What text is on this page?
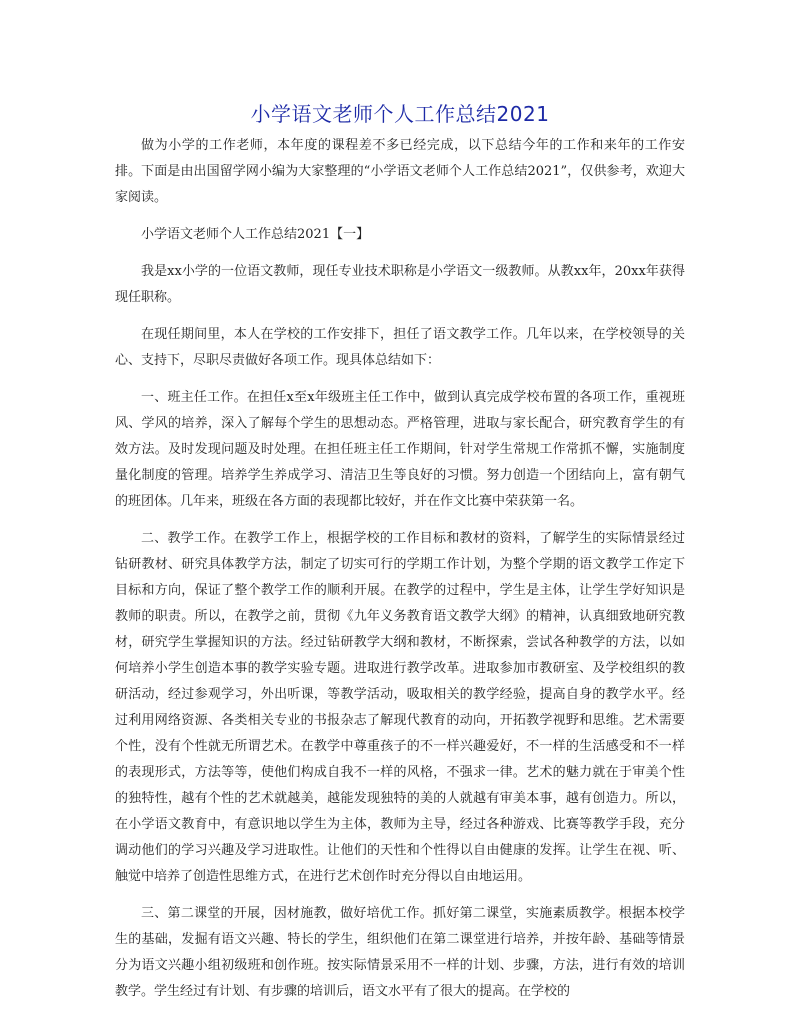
小学语文老师个人工作总结2021

做为小学的工作老师，本年度的课程差不多已经完成，以下总结今年的工作和来年的工作安排。下面是由出国留学网小编为大家整理的“小学语文老师个人工作总结2021”，仅供参考，欢迎大家阅读。

小学语文老师个人工作总结2021【一】

我是xx小学的一位语文教师，现任专业技术职称是小学语文一级教师。从教xx年，20xx年获得现任职称。

在现任期间里，本人在学校的工作安排下，担任了语文教学工作。几年以来，在学校领导的关心、支持下，尽职尽责做好各项工作。现具体总结如下：

一、班主任工作。在担任x至x年级班主任工作中，做到认真完成学校布置的各项工作，重视班风、学风的培养，深入了解每个学生的思想动态。严格管理，进取与家长配合，研究教育学生的有效方法。及时发现问题及时处理。在担任班主任工作期间，针对学生常规工作常抓不懈，实施制度量化制度的管理。培养学生养成学习、清洁卫生等良好的习惯。努力创造一个团结向上，富有朝气的班团体。几年来，班级在各方面的表现都比较好，并在作文比赛中荣获第一名。

二、教学工作。在教学工作上，根据学校的工作目标和教材的资料，了解学生的实际情景经过钻研教材、研究具体教学方法，制定了切实可行的学期工作计划，为整个学期的语文教学工作定下目标和方向，保证了整个教学工作的顺利开展。在教学的过程中，学生是主体，让学生学好知识是教师的职责。所以，在教学之前，贯彻《九年义务教育语文教学大纲》的精神，认真细致地研究教材，研究学生掌握知识的方法。经过钻研教学大纲和教材，不断探索，尝试各种教学的方法，以如何培养小学生创造本事的教学实验专题。进取进行教学改革。进取参加市教研室、及学校组织的教研活动，经过参观学习，外出听课，等教学活动，吸取相关的教学经验，提高自身的教学水平。经过利用网络资源、各类相关专业的书报杂志了解现代教育的动向，开拓教学视野和思维。艺术需要个性，没有个性就无所谓艺术。在教学中尊重孩子的不一样兴趣爱好，不一样的生活感受和不一样的表现形式，方法等等，使他们构成自我不一样的风格，不强求一律。艺术的魅力就在于审美个性的独特性，越有个性的艺术就越美，越能发现独特的美的人就越有审美本事，越有创造力。所以，在小学语文教育中，有意识地以学生为主体，教师为主导，经过各种游戏、比赛等教学手段，充分调动他们的学习兴趣及学习进取性。让他们的天性和个性得以自由健康的发挥。让学生在视、听、触觉中培养了创造性思维方式，在进行艺术创作时充分得以自由地运用。

三、第二课堂的开展，因材施教，做好培优工作。抓好第二课堂，实施素质教学。根据本校学生的基础，发掘有语文兴趣、特长的学生，组织他们在第二课堂进行培养，并按年龄、基础等情景分为语文兴趣小组初级班和创作班。按实际情景采用不一样的计划、步骤，方法，进行有效的培训教学。学生经过有计划、有步骤的培训后，语文水平有了很大的提高。在学校的
